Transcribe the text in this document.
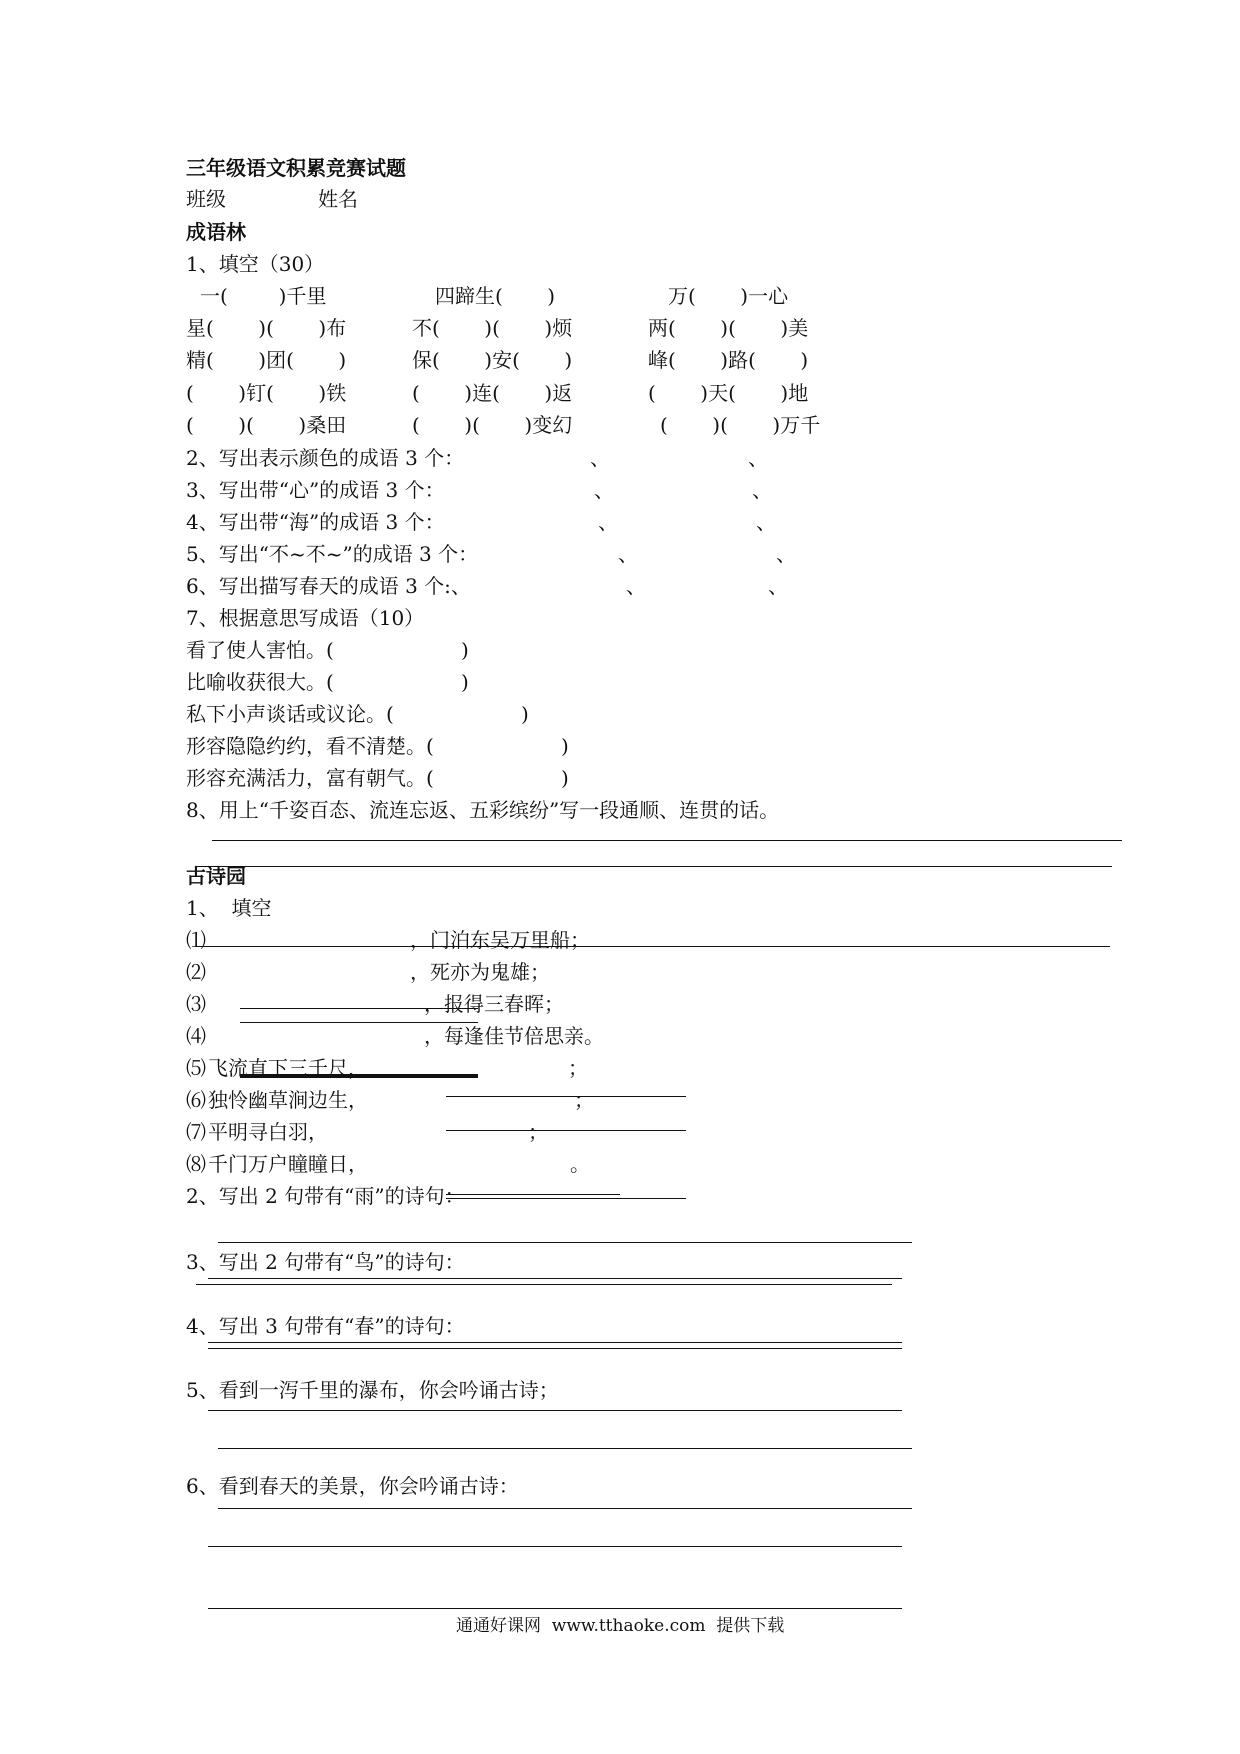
三年级语文积累竞赛试题
班级	姓名
成语林
1、填空（30）
一(        )千里	四蹄生(       )	万(       )一心
星(       )(       )布	不(       )(       )烦	两(       )(       )美
精(       )团(       )	保(       )安(       )	峰(       )路(       )
(       )钉(       )铁	(       )连(       )返	(       )天(       )地
(       )(       )桑田	(       )(       )变幻	(       )(       )万千
2、写出表示颜色的成语 3 个：	、	、
3、写出带“心”的成语 3 个：	、	、
4、写出带“海”的成语 3 个：	、	、
5、写出“不~不~”的成语 3 个：	、	、
6、写出描写春天的成语 3 个:、	、	、
7、根据意思写成语（10）
看了使人害怕。(                    )
比喻收获很大。(                    )
私下小声谈话或议论。(                    )
形容隐隐约约，看不清楚。(                    )
形容充满活力，富有朝气。(                    )
8、用上“千姿百态、流连忘返、五彩缤纷”写一段通顺、连贯的话。
古诗园
1、  填空
⑴	，门泊东吴万里船；
⑵	，死亦为鬼雄；
⑶	，报得三春晖；
⑷	，每逢佳节倍思亲。
⑸ 飞流直下三千尺，	；
⑹ 独怜幽草涧边生，	；
⑺ 平明寻白羽，	；
⑻ 千门万户瞳瞳日，	。
2、写出 2 句带有“雨”的诗句：
3、写出 2 句带有“鸟”的诗句：
4、写出 3 句带有“春”的诗句：
5、看到一泻千里的瀑布，你会吟诵古诗；
6、看到春天的美景，你会吟诵古诗：
通通好课网  www.tthaoke.com  提供下载
